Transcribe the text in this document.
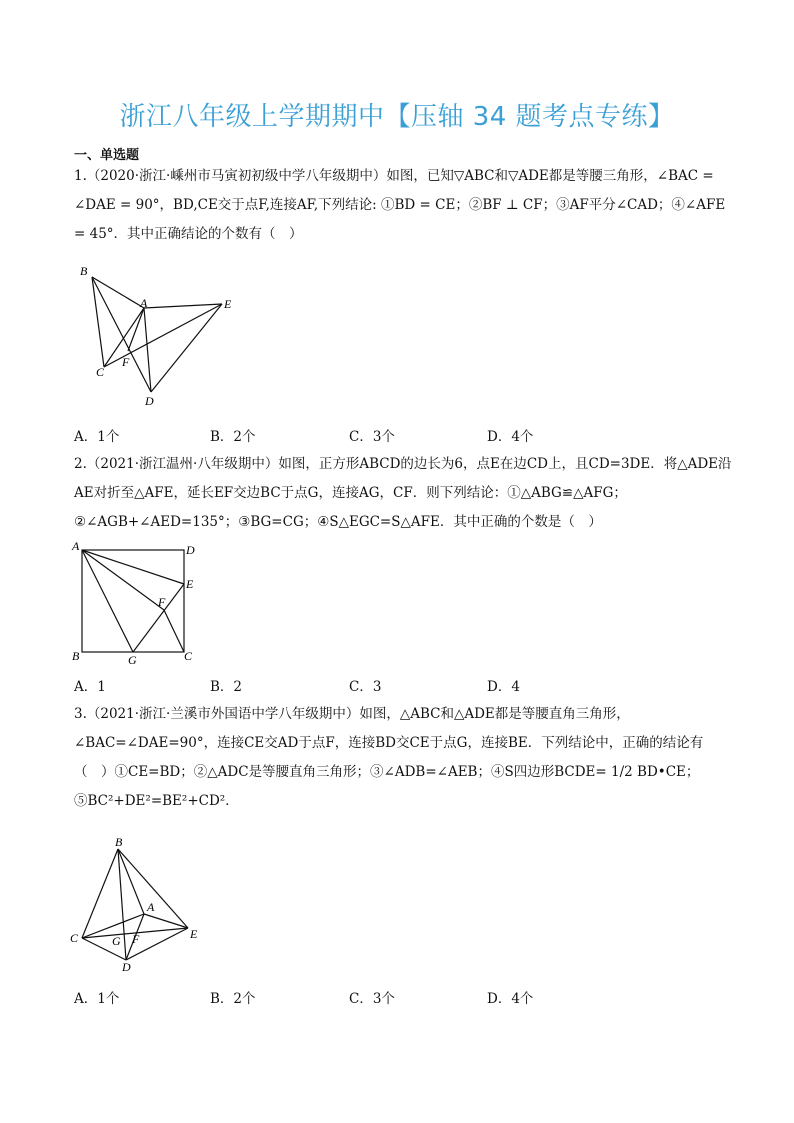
浙江八年级上学期期中【压轴 34 题考点专练】
一、单选题
1.（2020·浙江·嵊州市马寅初初级中学八年级期中）如图，已知▽ABC和▽ADE都是等腰三角形，∠BAC = ∠DAE = 90°，BD,CE交于点F,连接AF,下列结论: ①BD = CE；②BF ⊥ CF；③AF平分∠CAD；④∠AFE = 45°．其中正确结论的个数有（　）
B
A	E
C
F
D
A．1个	B．2个	C．3个	D．4个
2.（2021·浙江温州·八年级期中）如图，正方形ABCD的边长为6，点E在边CD上，且CD=3DE．将△ADE沿AE对折至△AFE，延长EF交边BC于点G，连接AG，CF．则下列结论：①△ABG≌△AFG；②∠AGB+∠AED=135°；③BG=CG；④S△EGC=S△AFE．其中正确的个数是（　）
A	D
E
F
B	G	C
A．1	B．2	C．3	D．4
3.（2021·浙江·兰溪市外国语中学八年级期中）如图，△ABC和△ADE都是等腰直角三角形，∠BAC=∠DAE=90°，连接CE交AD于点F，连接BD交CE于点G，连接BE．下列结论中，正确的结论有（　）①CE=BD；②△ADC是等腰直角三角形；③∠ADB=∠AEB；④S四边形BCDE= 1/2 BD•CE；⑤BC²+DE²=BE²+CD²．
B
A
C	G F	E
D
A．1个	B．2个	C．3个	D．4个
